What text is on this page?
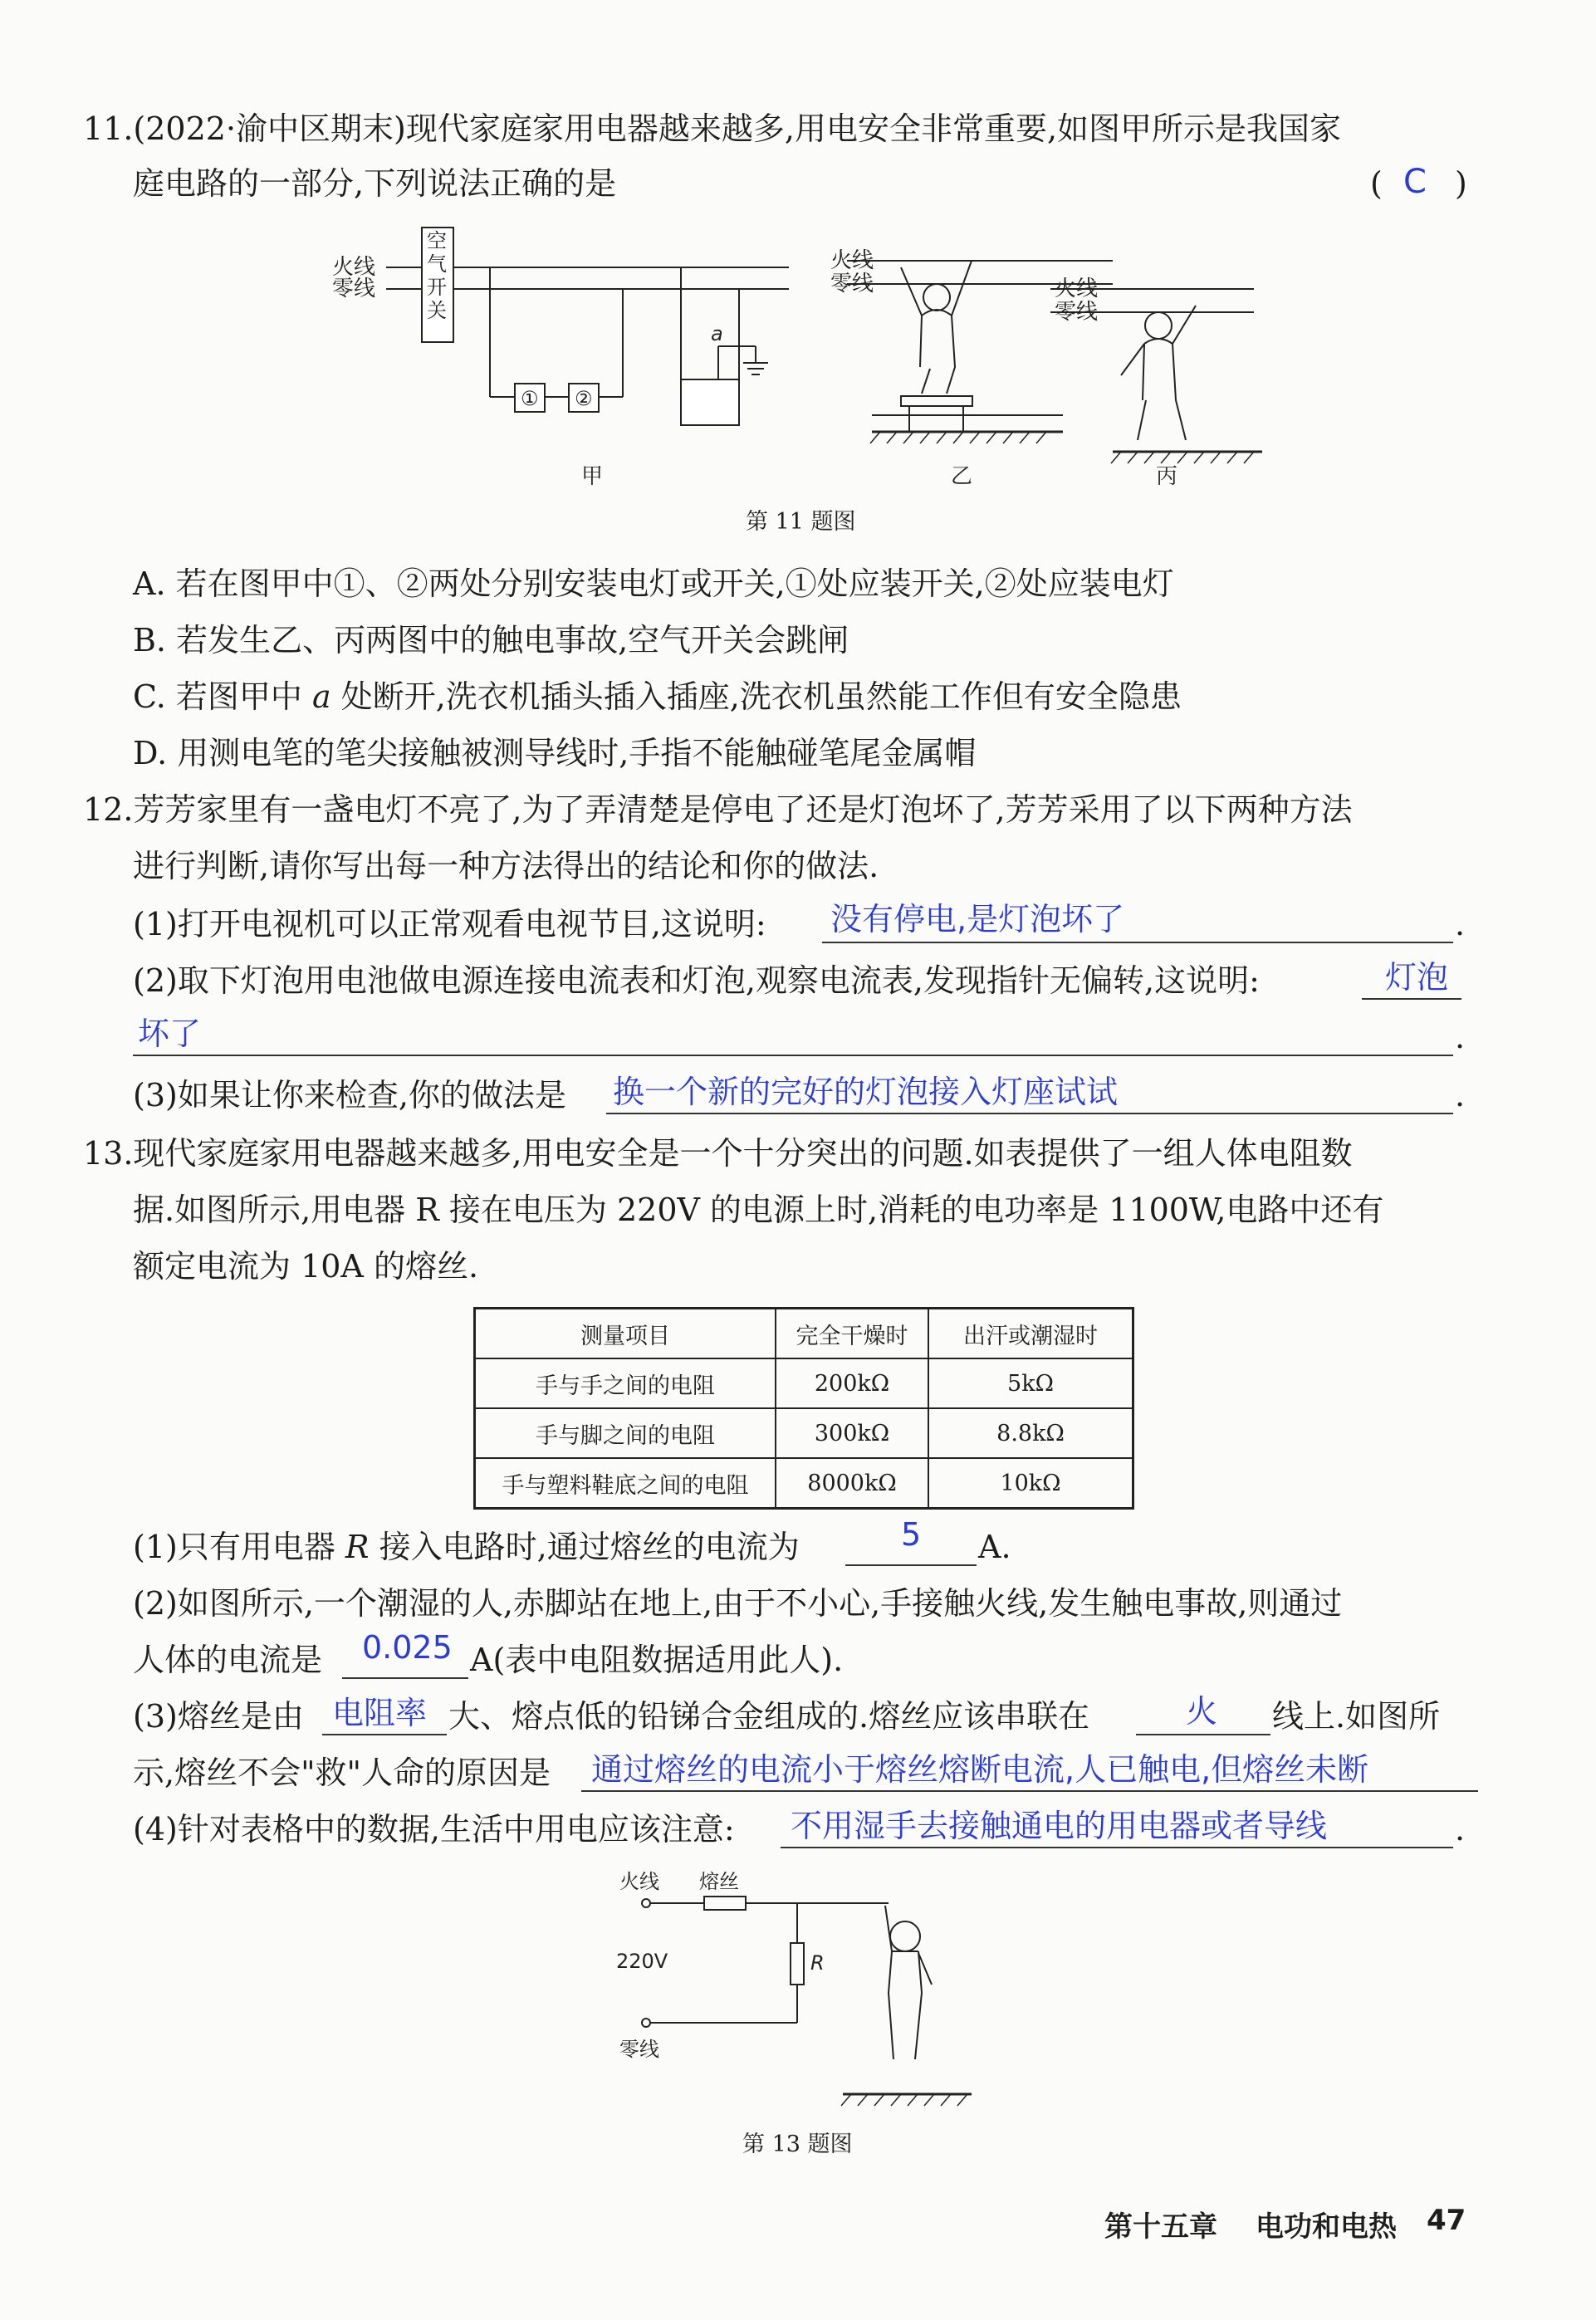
11.(2022·渝中区期末)现代家庭家用电器越来越多,用电安全非常重要,如图甲所示是我国家
庭电路的一部分,下列说法正确的是	( C )
火线
零线
空
气
开
关
① ②
a
火线
零线	火线
零线
甲	乙	丙
第 11 题图
A. 若在图甲中①、②两处分别安装电灯或开关,①处应装开关,②处应装电灯
B. 若发生乙、丙两图中的触电事故,空气开关会跳闸
C. 若图甲中 a 处断开,洗衣机插头插入插座,洗衣机虽然能工作但有安全隐患
D. 用测电笔的笔尖接触被测导线时,手指不能触碰笔尾金属帽
12.芳芳家里有一盏电灯不亮了,为了弄清楚是停电了还是灯泡坏了,芳芳采用了以下两种方法
进行判断,请你写出每一种方法得出的结论和你的做法.
(1)打开电视机可以正常观看电视节目,这说明: 没有停电,是灯泡坏了	.
(2)取下灯泡用电池做电源连接电流表和灯泡,观察电流表,发现指针无偏转,这说明:	灯泡
坏了	.
(3)如果让你来检查,你的做法是 换一个新的完好的灯泡接入灯座试试	.
13.现代家庭家用电器越来越多,用电安全是一个十分突出的问题.如表提供了一组人体电阻数
据.如图所示,用电器 R 接在电压为 220V 的电源上时,消耗的电功率是 1100W,电路中还有
额定电流为 10A 的熔丝.
测量项目	完全干燥时	出汗或潮湿时
手与手之间的电阻	200kΩ	5kΩ
手与脚之间的电阻	300kΩ	8.8kΩ
手与塑料鞋底之间的电阻	8000kΩ	10kΩ
(1)只有用电器 R 接入电路时,通过熔丝的电流为	5 A.
(2)如图所示,一个潮湿的人,赤脚站在地上,由于不小心,手接触火线,发生触电事故,则通过
人体的电流是 0.025 A(表中电阻数据适用此人).
(3)熔丝是由 电阻率 大、熔点低的铅锑合金组成的.熔丝应该串联在	火 线上.如图所
示,熔丝不会"救"人命的原因是 通过熔丝的电流小于熔丝熔断电流,人已触电,但熔丝未断
(4)针对表格中的数据,生活中用电应该注意: 不用湿手去接触通电的用电器或者导线	.
火线 熔丝
220V	R
零线
第 13 题图
第十五章 电功和电热 47
